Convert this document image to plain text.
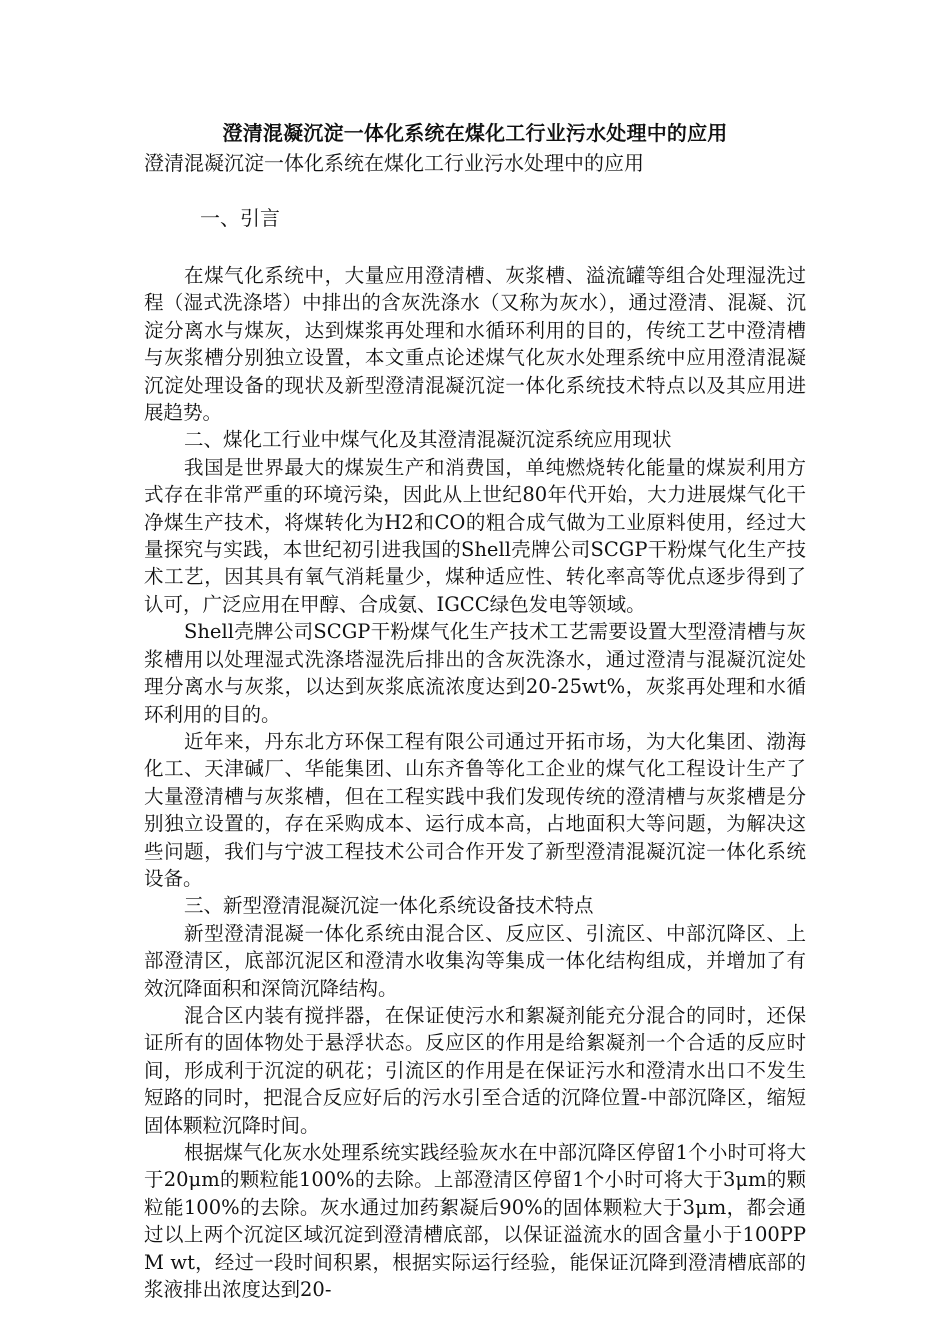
澄清混凝沉淀一体化系统在煤化工行业污水处理中的应用
澄清混凝沉淀一体化系统在煤化工行业污水处理中的应用
一、引言

在煤气化系统中，大量应用澄清槽、灰浆槽、溢流罐等组合处理湿洗过程（湿式洗涤塔）中排出的含灰洗涤水（又称为灰水），通过澄清、混凝、沉淀分离水与煤灰，达到煤浆再处理和水循环利用的目的，传统工艺中澄清槽与灰浆槽分别独立设置，本文重点论述煤气化灰水处理系统中应用澄清混凝沉淀处理设备的现状及新型澄清混凝沉淀一体化系统技术特点以及其应用进展趋势。

二、煤化工行业中煤气化及其澄清混凝沉淀系统应用现状

我国是世界最大的煤炭生产和消费国，单纯燃烧转化能量的煤炭利用方式存在非常严重的环境污染，因此从上世纪80年代开始，大力进展煤气化干净煤生产技术，将煤转化为H2和CO的粗合成气做为工业原料使用，经过大量探究与实践，本世纪初引进我国的Shell壳牌公司SCGP干粉煤气化生产技术工艺，因其具有氧气消耗量少，煤种适应性、转化率高等优点逐步得到了认可，广泛应用在甲醇、合成氨、IGCC绿色发电等领域。

Shell壳牌公司SCGP干粉煤气化生产技术工艺需要设置大型澄清槽与灰浆槽用以处理湿式洗涤塔湿洗后排出的含灰洗涤水，通过澄清与混凝沉淀处理分离水与灰浆，以达到灰浆底流浓度达到20-25wt%，灰浆再处理和水循环利用的目的。

近年来，丹东北方环保工程有限公司通过开拓市场，为大化集团、渤海化工、天津碱厂、华能集团、山东齐鲁等化工企业的煤气化工程设计生产了大量澄清槽与灰浆槽，但在工程实践中我们发现传统的澄清槽与灰浆槽是分别独立设置的，存在采购成本、运行成本高，占地面积大等问题，为解决这些问题，我们与宁波工程技术公司合作开发了新型澄清混凝沉淀一体化系统设备。

三、新型澄清混凝沉淀一体化系统设备技术特点

新型澄清混凝一体化系统由混合区、反应区、引流区、中部沉降区、上部澄清区，底部沉泥区和澄清水收集沟等集成一体化结构组成，并增加了有效沉降面积和深筒沉降结构。

混合区内装有搅拌器，在保证使污水和絮凝剂能充分混合的同时，还保证所有的固体物处于悬浮状态。反应区的作用是给絮凝剂一个合适的反应时间，形成利于沉淀的矾花；引流区的作用是在保证污水和澄清水出口不发生短路的同时，把混合反应好后的污水引至合适的沉降位置-中部沉降区，缩短固体颗粒沉降时间。

根据煤气化灰水处理系统实践经验灰水在中部沉降区停留1个小时可将大于20μm的颗粒能100%的去除。上部澄清区停留1个小时可将大于3μm的颗粒能100%的去除。灰水通过加药絮凝后90%的固体颗粒大于3μm，都会通过以上两个沉淀区域沉淀到澄清槽底部，以保证溢流水的固含量小于100PPM wt，经过一段时间积累，根据实际运行经验，能保证沉降到澄清槽底部的浆液排出浓度达到20-
